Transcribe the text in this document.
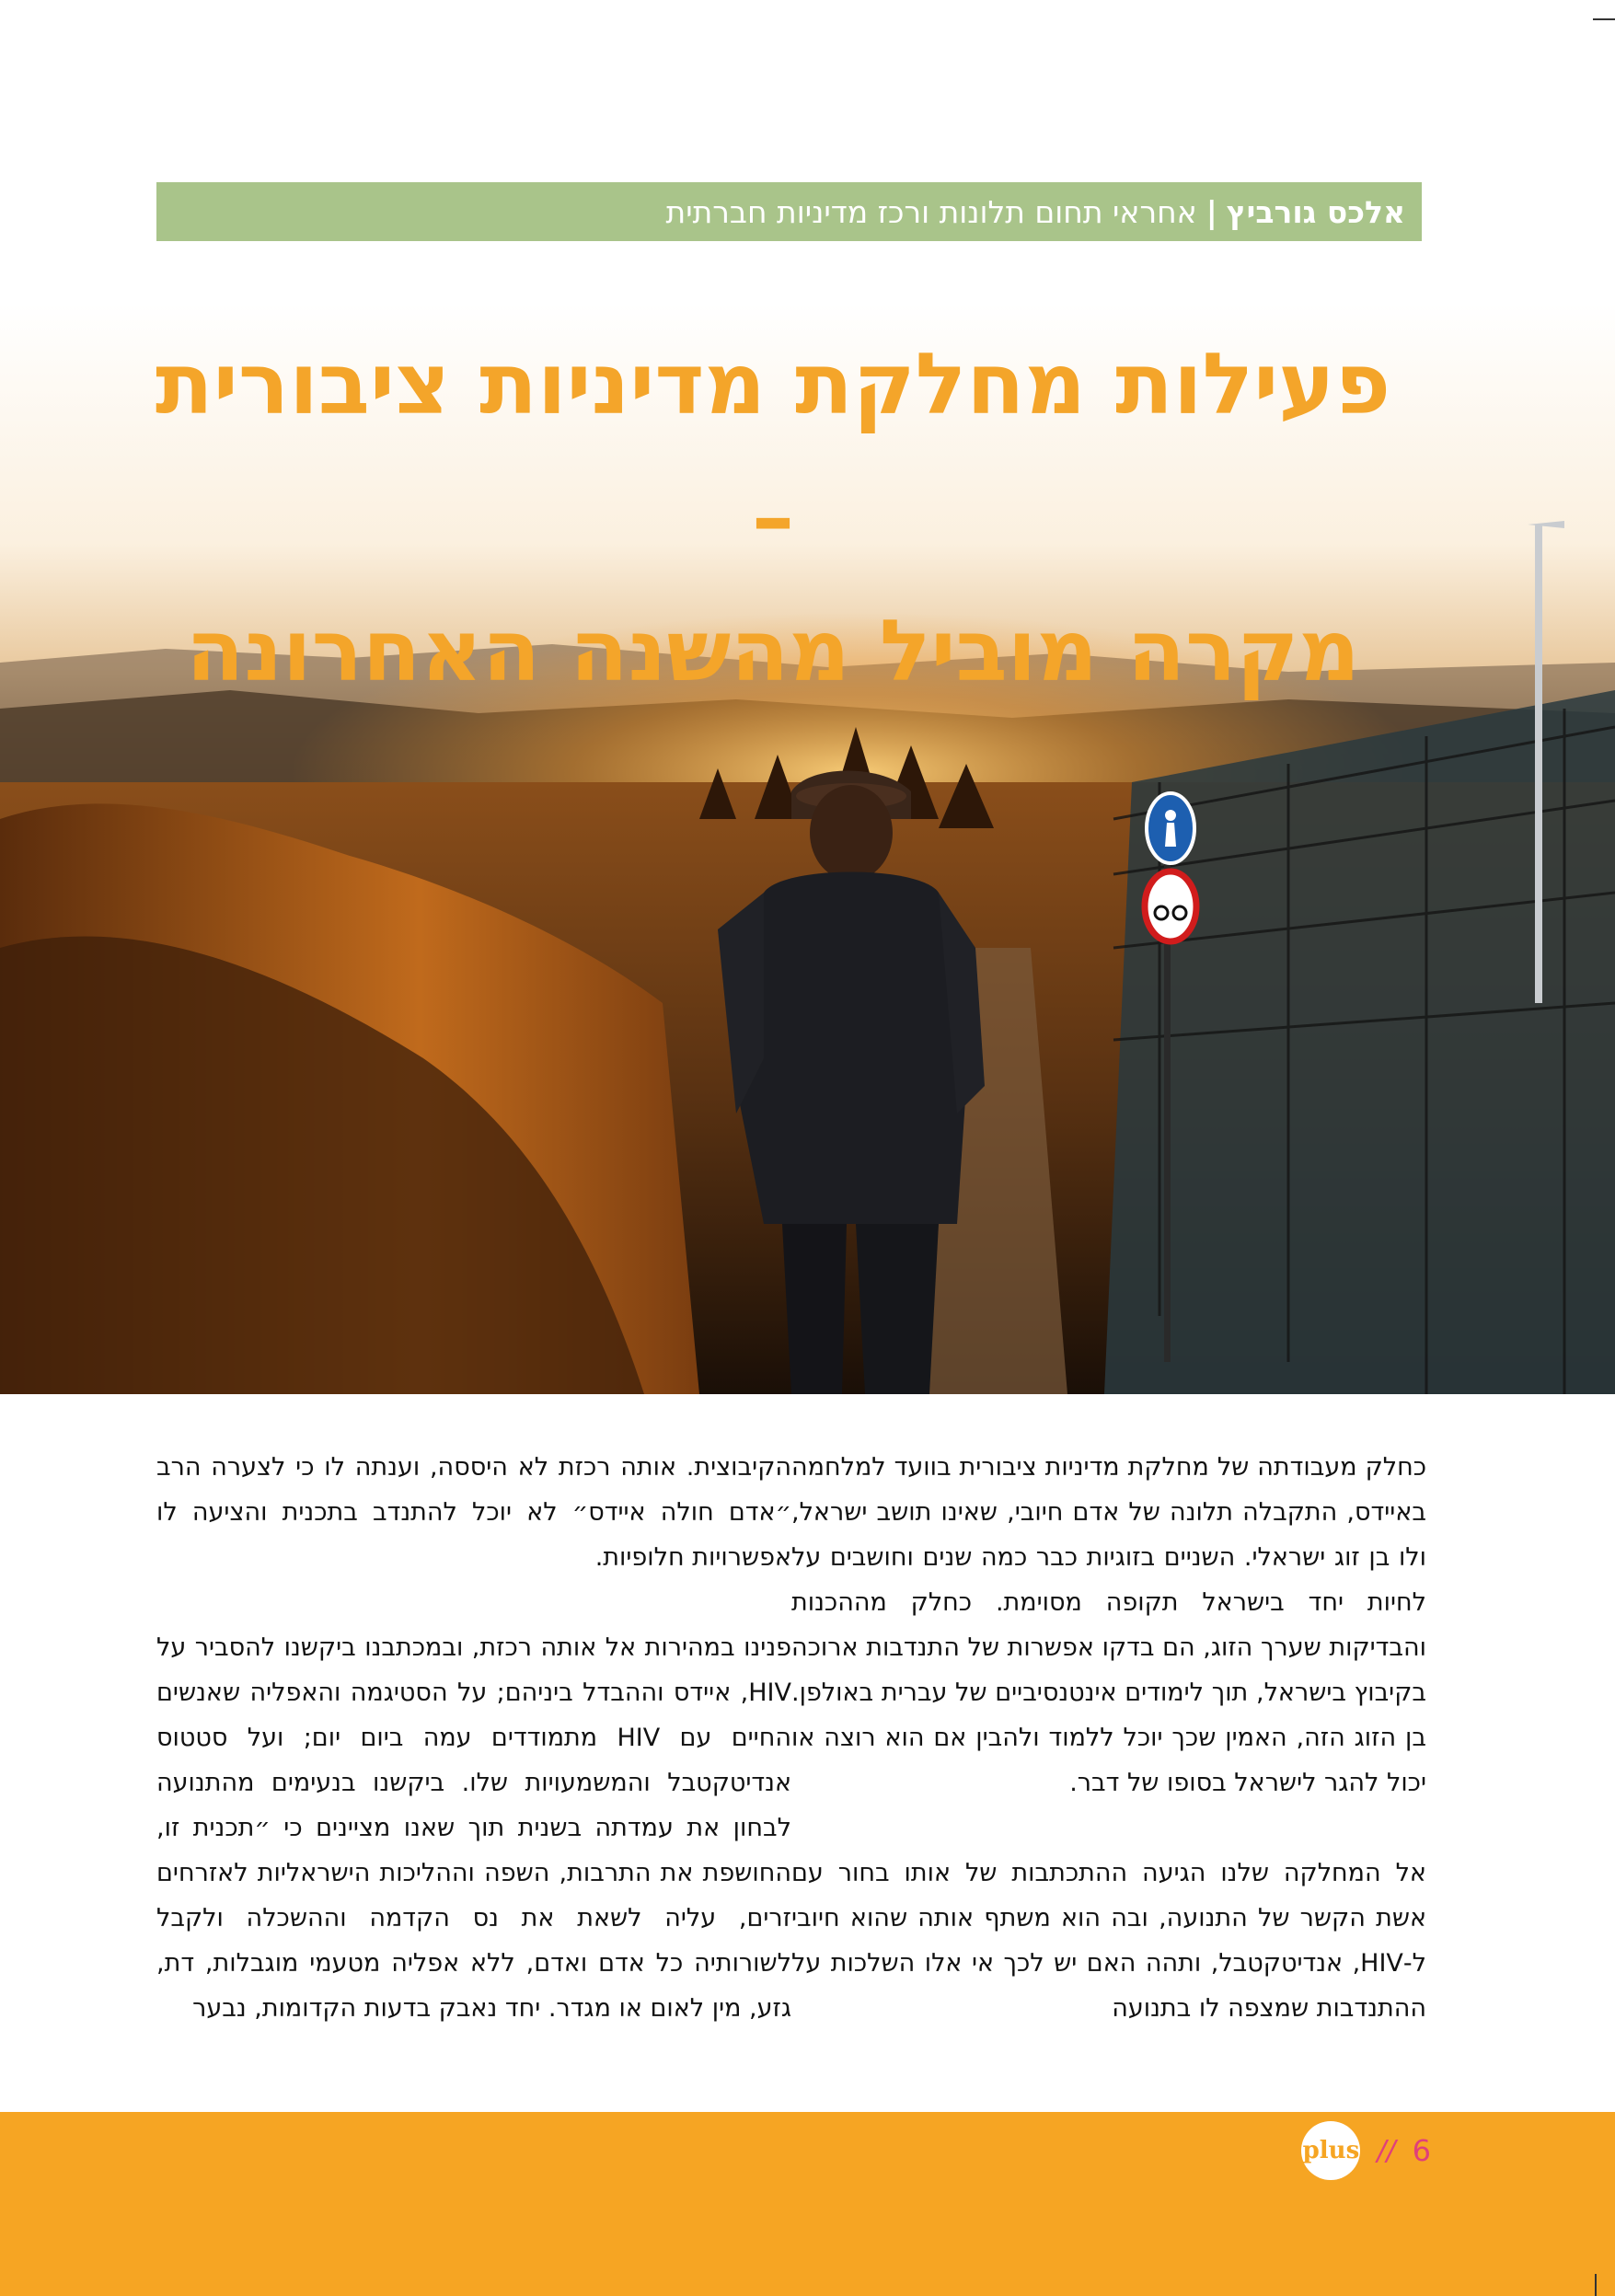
אלכס גורביץ
|
אחראי תחום תלונות ורכז מדיניות חברתית
פעילות מחלקת מדיניות ציבורית –
מקרה מוביל מהשנה האחרונה

כחלק מעבודתה של מחלקת מדיניות ציבורית בוועד למלחמה באיידס, התקבלה תלונה של אדם חיובי, שאינו תושב ישראל, ולו בן זוג ישראלי. השניים בזוגיות כבר כמה שנים וחושבים על לחיות יחד בישראל תקופה מסוימת. כחלק מההכנות והבדיקות שערך הזוג, הם בדקו אפשרות של התנדבות ארוכה בקיבוץ בישראל, תוך לימודים אינטנסיביים של עברית באולפן. בן הזוג הזה, האמין שכך יוכל ללמוד ולהבין אם הוא רוצה או יכול להגר לישראל בסופו של דבר.

אל המחלקה שלנו הגיעה ההתכתבות של אותו בחור עם אשת הקשר של התנועה, ובה הוא משתף אותה שהוא חיובי ל-HIV, אנדיטקטבל, ותהה האם יש לכך אי אלו השלכות על ההתנדבות שמצפה לו בתנועה

הקיבוצית. אותה רכזת לא היססה, וענתה לו כי לצערה הרב ״אדם חולה איידס״ לא יוכל להתנדב בתכנית והציעה לו אפשרויות חלופיות.

פנינו במהירות אל אותה רכזת, ובמכתבנו ביקשנו להסביר על HIV, איידס וההבדל ביניהם; על הסטיגמה והאפליה שאנשים החיים עם HIV מתמודדים עמה ביום יום; ועל סטטוס אנדיטקטבל והמשמעויות שלו. ביקשנו בנעימים מהתנועה לבחון את עמדתה בשנית תוך שאנו מציינים כי ״תכנית זו, החושפת את התרבות, השפה וההליכות הישראליות לאזרחים זרים, עליה לשאת את נס הקדמה וההשכלה ולקבל לשורותיה כל אדם ואדם, ללא אפליה מטעמי מוגבלות, דת, גזע, מין לאום או מגדר. יחד נאבק בדעות הקדומות, נבער

plus // 6
